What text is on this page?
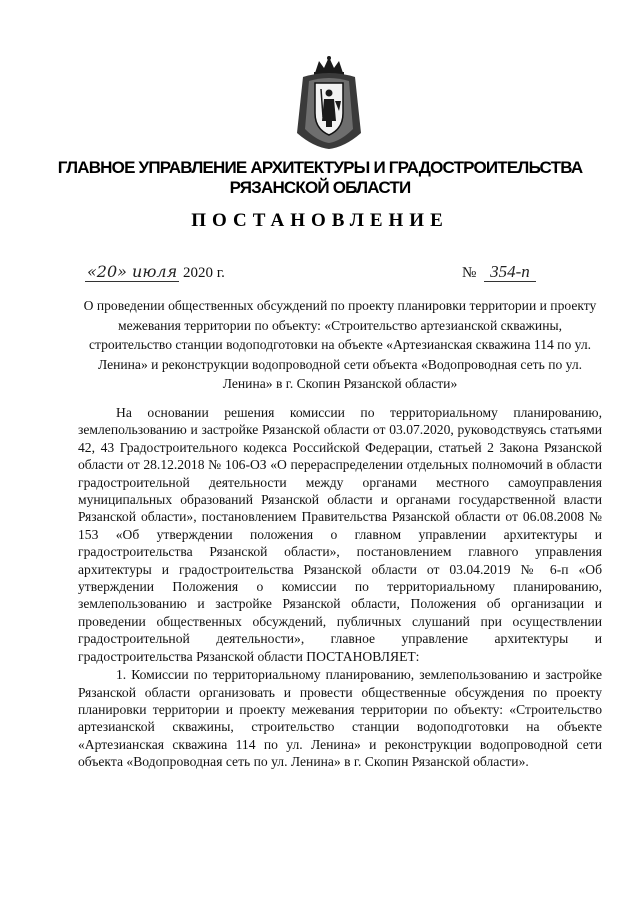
ГЛАВНОЕ УПРАВЛЕНИЕ АРХИТЕКТУРЫ И ГРАДОСТРОИТЕЛЬСТВА
РЯЗАНСКОЙ ОБЛАСТИ
ПОСТАНОВЛЕНИЕ
«20» июля 2020 г.	№ 354-п
О проведении общественных обсуждений по проекту планировки территории и проекту межевания территории по объекту: «Строительство артезианской скважины, строительство станции водоподготовки на объекте «Артезианская скважина 114 по ул. Ленина» и реконструкции водопроводной сети объекта «Водопроводная сеть по ул. Ленина» в г. Скопин Рязанской области»

На основании решения комиссии по территориальному планированию, землепользованию и застройке Рязанской области от 03.07.2020, руководствуясь статьями 42, 43 Градостроительного кодекса Российской Федерации, статьей 2 Закона Рязанской области от 28.12.2018 № 106-ОЗ «О перераспределении отдельных полномочий в области градостроительной деятельности между органами местного самоуправления муниципальных образований Рязанской области и органами государственной власти Рязанской области», постановлением Правительства Рязанской области от 06.08.2008 № 153 «Об утверждении положения о главном управлении архитектуры и градостроительства Рязанской области», постановлением главного управления архитектуры и градостроительства Рязанской области от 03.04.2019 № 6-п «Об утверждении Положения о комиссии по территориальному планированию, землепользованию и застройке Рязанской области, Положения об организации и проведении общественных обсуждений, публичных слушаний при осуществлении градостроительной деятельности», главное управление архитектуры и градостроительства Рязанской области ПОСТАНОВЛЯЕТ:

1. Комиссии по территориальному планированию, землепользованию и застройке Рязанской области организовать и провести общественные обсуждения по проекту планировки территории и проекту межевания территории по объекту: «Строительство артезианской скважины, строительство станции водоподготовки на объекте «Артезианская скважина 114 по ул. Ленина» и реконструкции водопроводной сети объекта «Водопроводная сеть по ул. Ленина» в г. Скопин Рязанской области».
